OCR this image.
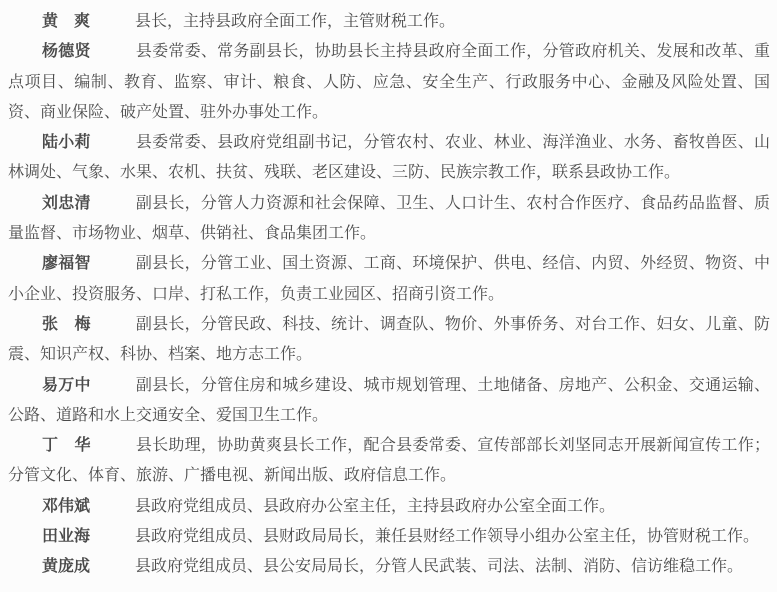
黄　爽	县长，主持县政府全面工作，主管财税工作。

杨德贤	县委常委、常务副县长，协助县长主持县政府全面工作，分管政府机关、发展和改革、重点项目、编制、教育、监察、审计、粮食、人防、应急、安全生产、行政服务中心、金融及风险处置、国资、商业保险、破产处置、驻外办事处工作。

陆小莉	县委常委、县政府党组副书记，分管农村、农业、林业、海洋渔业、水务、畜牧兽医、山林调处、气象、水果、农机、扶贫、残联、老区建设、三防、民族宗教工作，联系县政协工作。

刘忠清	副县长，分管人力资源和社会保障、卫生、人口计生、农村合作医疗、食品药品监督、质量监督、市场物业、烟草、供销社、食品集团工作。

廖福智	副县长，分管工业、国土资源、工商、环境保护、供电、经信、内贸、外经贸、物资、中小企业、投资服务、口岸、打私工作，负责工业园区、招商引资工作。

张　梅	副县长，分管民政、科技、统计、调查队、物价、外事侨务、对台工作、妇女、儿童、防震、知识产权、科协、档案、地方志工作。

易万中	副县长，分管住房和城乡建设、城市规划管理、土地储备、房地产、公积金、交通运输、公路、道路和水上交通安全、爱国卫生工作。

丁　华	县长助理，协助黄爽县长工作，配合县委常委、宣传部部长刘坚同志开展新闻宣传工作；分管文化、体育、旅游、广播电视、新闻出版、政府信息工作。

邓伟斌	县政府党组成员、县政府办公室主任，主持县政府办公室全面工作。

田业海	县政府党组成员、县财政局局长，兼任县财经工作领导小组办公室主任，协管财税工作。

黄庞成	县政府党组成员、县公安局局长，分管人民武装、司法、法制、消防、信访维稳工作。
